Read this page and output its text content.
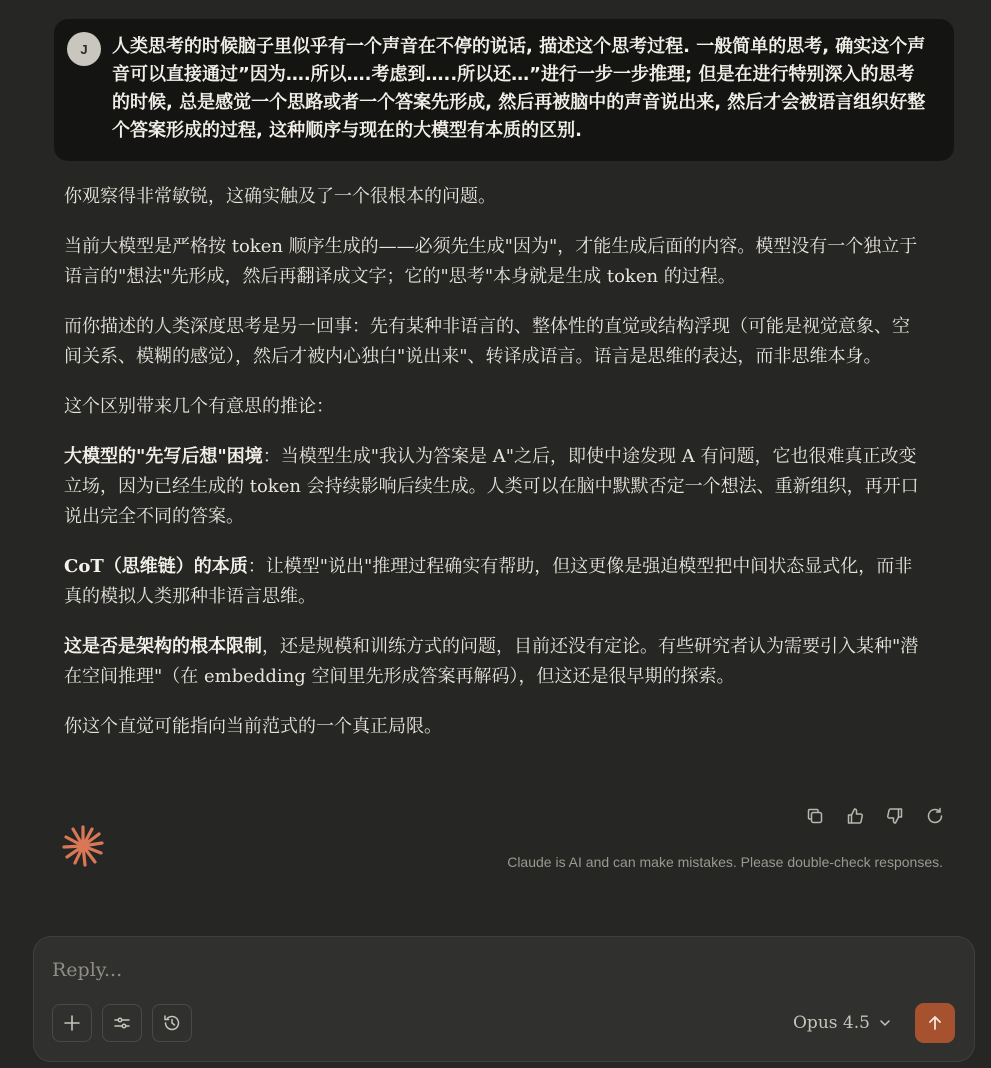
J	人类思考的时候脑子里似乎有一个声音在不停的说话, 描述这个思考过程. 一般简单的思考, 确实这个声音可以直接通过”因为….所以….考虑到…..所以还…”进行一步一步推理; 但是在进行特别深入的思考的时候, 总是感觉一个思路或者一个答案先形成, 然后再被脑中的声音说出来, 然后才会被语言组织好整个答案形成的过程, 这种顺序与现在的大模型有本质的区别.

你观察得非常敏锐，这确实触及了一个很根本的问题。

当前大模型是严格按 token 顺序生成的——必须先生成"因为"，才能生成后面的内容。模型没有一个独立于语言的"想法"先形成，然后再翻译成文字；它的"思考"本身就是生成 token 的过程。

而你描述的人类深度思考是另一回事：先有某种非语言的、整体性的直觉或结构浮现（可能是视觉意象、空间关系、模糊的感觉），然后才被内心独白"说出来"、转译成语言。语言是思维的表达，而非思维本身。

这个区别带来几个有意思的推论：

大模型的"先写后想"困境：当模型生成"我认为答案是 A"之后，即使中途发现 A 有问题，它也很难真正改变立场，因为已经生成的 token 会持续影响后续生成。人类可以在脑中默默否定一个想法、重新组织，再开口说出完全不同的答案。

CoT（思维链）的本质：让模型"说出"推理过程确实有帮助，但这更像是强迫模型把中间状态显式化，而非真的模拟人类那种非语言思维。

这是否是架构的根本限制，还是规模和训练方式的问题，目前还没有定论。有些研究者认为需要引入某种"潜在空间推理"（在 embedding 空间里先形成答案再解码），但这还是很早期的探索。

你这个直觉可能指向当前范式的一个真正局限。

Claude is AI and can make mistakes. Please double-check responses.
Reply...
Opus 4.5
